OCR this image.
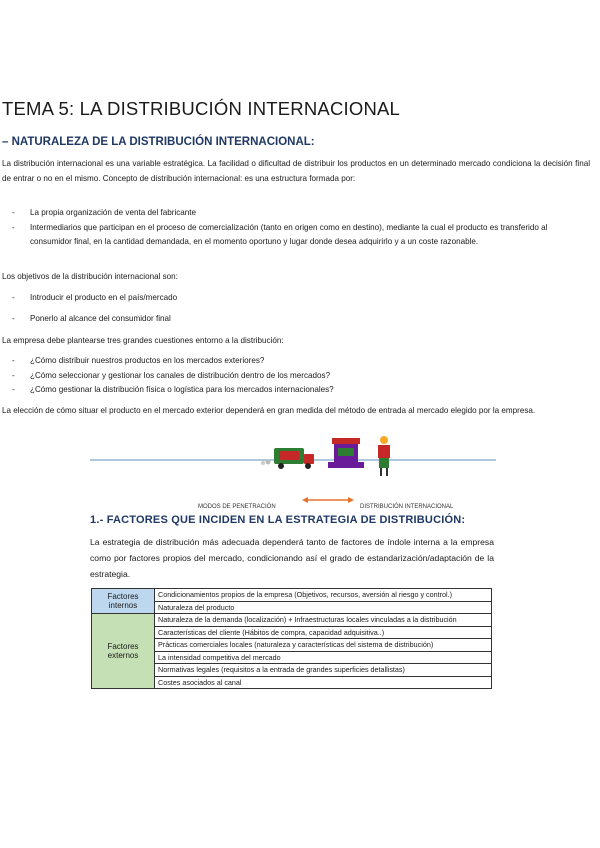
TEMA 5: LA DISTRIBUCIÓN INTERNACIONAL
– NATURALEZA DE LA DISTRIBUCIÓN INTERNACIONAL:

La distribución internacional es una variable estratégica. La facilidad o dificultad de distribuir los productos en un determinado mercado condiciona la decisión final de entrar o no en el mismo. Concepto de distribución internacional: es una estructura formada por:

- La propia organización de venta del fabricante
- Intermediarios que participan en el proceso de comercialización (tanto en origen como en destino), mediante la cual el producto es transferido al consumidor final, en la cantidad demandada, en el momento oportuno y lugar donde desea adquirirlo y a un coste razonable.

Los objetivos de la distribución internacional son:

- Introducir el producto en el país/mercado
- Ponerlo al alcance del consumidor final

La empresa debe plantearse tres grandes cuestiones entorno a la distribución:

- ¿Cómo distribuir nuestros productos en los mercados exteriores?
- ¿Cómo seleccionar y gestionar los canales de distribución dentro de los mercados?
- ¿Cómo gestionar la distribución física o logística para los mercados internacionales?

La elección de cómo situar el producto en el mercado exterior dependerá en gran medida del método de entrada al mercado elegido por la empresa.

MODOS DE PENETRACIÓN	DISTRIBUCIÓN INTERNACIONAL
1.- FACTORES QUE INCIDEN EN LA ESTRATEGIA DE DISTRIBUCIÓN:

La estrategia de distribución más adecuada dependerá tanto de factores de índole interna a la empresa como por factores propios del mercado, condicionando así el grado de estandarización/adaptación de la estrategia.

Factores internos	Condicionamientos propios de la empresa (Objetivos, recursos, aversión al riesgo y control.)
	Naturaleza del producto
Factores externos	Naturaleza de la demanda (localización) + Infraestructuras locales vinculadas a la distribución
	Características del cliente (Hábitos de compra, capacidad adquisitiva..)
	Prácticas comerciales locales (naturaleza y características del sistema de distribución)
	La intensidad competitiva del mercado
	Normativas legales (requisitos a la entrada de grandes superficies detallistas)
	Costes asociados al canal
